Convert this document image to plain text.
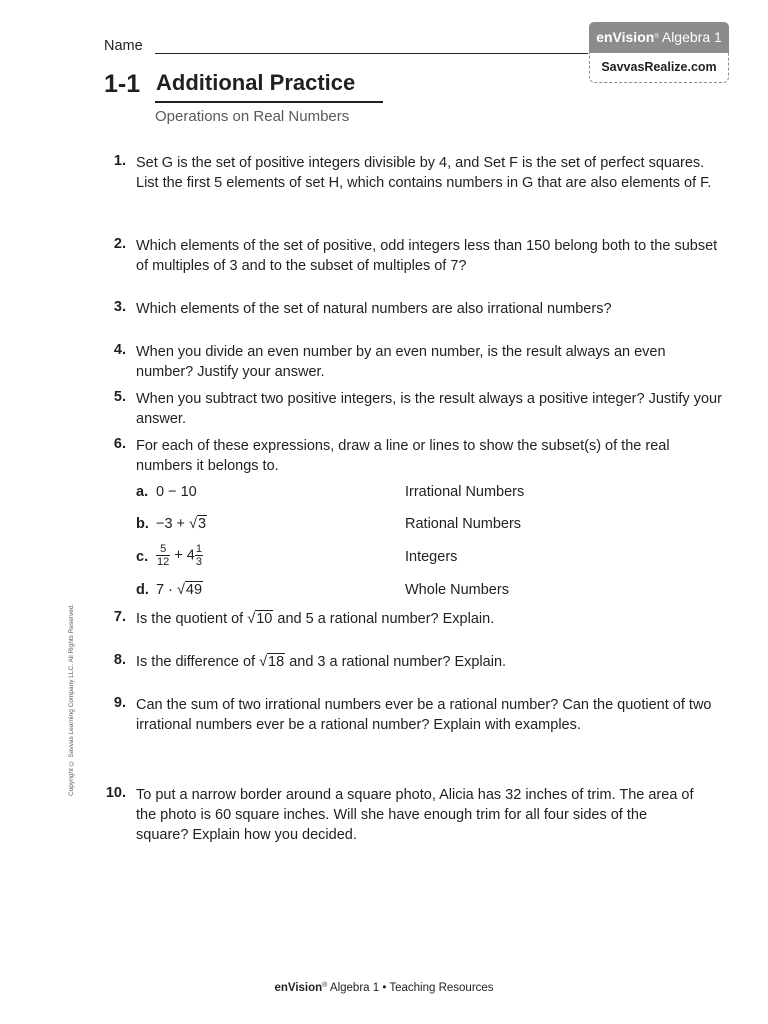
Name
enVision® Algebra 1
SavvasRealize.com
1-1 Additional Practice
Operations on Real Numbers
1. Set G is the set of positive integers divisible by 4, and Set F is the set of perfect squares. List the first 5 elements of set H, which contains numbers in G that are also elements of F.
2. Which elements of the set of positive, odd integers less than 150 belong both to the subset of multiples of 3 and to the subset of multiples of 7?
3. Which elements of the set of natural numbers are also irrational numbers?
4. When you divide an even number by an even number, is the result always an even number? Justify your answer.
5. When you subtract two positive integers, is the result always a positive integer? Justify your answer.
6. For each of these expressions, draw a line or lines to show the subset(s) of the real numbers it belongs to.
a. 0 − 10
b. −3 + √3
c. $\frac{5}{12} + 4 \frac{1}{3}$
d. 7 · √49
Irrational Numbers
Rational Numbers
Integers
Whole Numbers
7. Is the quotient of √10 and 5 a rational number? Explain.
8. Is the difference of √18 and 3 a rational number? Explain.
9. Can the sum of two irrational numbers ever be a rational number? Can the quotient of two irrational numbers ever be a rational number? Explain with examples.
10. To put a narrow border around a square photo, Alicia has 32 inches of trim. The area of the photo is 60 square inches. Will she have enough trim for all four sides of the square? Explain how you decided.
Copyright © Savvas Learning Company LLC. All Rights Reserved.
enVision® Algebra 1 • Teaching Resources
